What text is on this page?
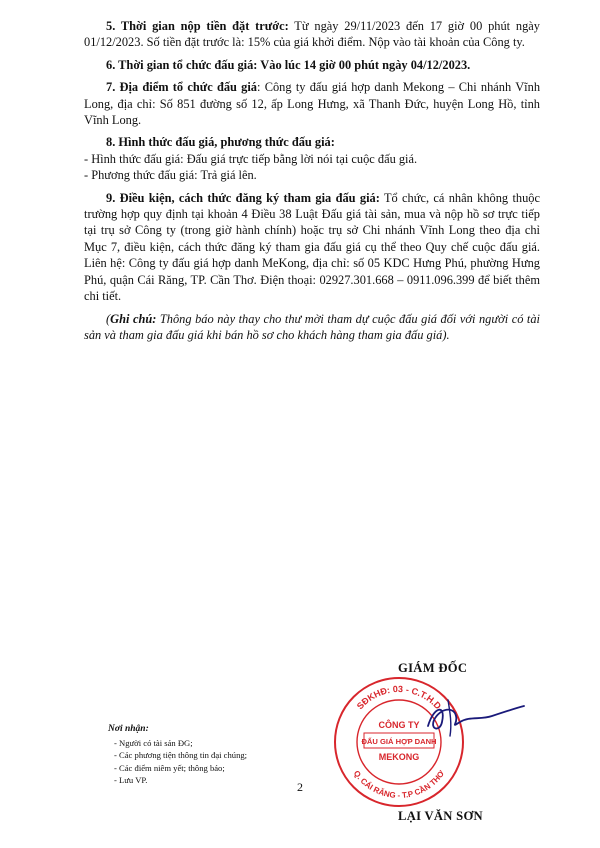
5. Thời gian nộp tiền đặt trước: Từ ngày 29/11/2023 đến 17 giờ 00 phút ngày 01/12/2023. Số tiền đặt trước là: 15% của giá khởi điểm. Nộp vào tài khoản của Công ty.

6. Thời gian tổ chức đấu giá: Vào lúc 14 giờ 00 phút ngày 04/12/2023.

7. Địa điểm tổ chức đấu giá: Công ty đấu giá hợp danh Mekong – Chi nhánh Vĩnh Long, địa chỉ: Số 851 đường số 12, ấp Long Hưng, xã Thanh Đức, huyện Long Hồ, tỉnh Vĩnh Long.

8. Hình thức đấu giá, phương thức đấu giá:

- Hình thức đấu giá: Đấu giá trực tiếp bằng lời nói tại cuộc đấu giá.

- Phương thức đấu giá: Trả giá lên.

9. Điều kiện, cách thức đăng ký tham gia đấu giá: Tổ chức, cá nhân không thuộc trường hợp quy định tại khoản 4 Điều 38 Luật Đấu giá tài sản, mua và nộp hồ sơ trực tiếp tại trụ sở Công ty (trong giờ hành chính) hoặc trụ sở Chi nhánh Vĩnh Long theo địa chỉ Mục 7, điều kiện, cách thức đăng ký tham gia đấu giá cụ thể theo Quy chế cuộc đấu giá. Liên hệ: Công ty đấu giá hợp danh MeKong, địa chỉ: số 05 KDC Hưng Phú, phường Hưng Phú, quận Cái Răng, TP. Cần Thơ. Điện thoại: 02927.301.668 – 0911.096.399 để biết thêm chi tiết.

(Ghi chú: Thông báo này thay cho thư mời tham dự cuộc đấu giá đối với người có tài sản và tham gia đấu giá khi bán hồ sơ cho khách hàng tham gia đấu giá).

Nơi nhận:
- Người có tài sản ĐG;
- Các phương tiện thông tin đại chúng;
- Các điểm niêm yết; thông báo;
- Lưu VP.
GIÁM ĐỐC
SĐKHĐ: 03 - C.T.H.D
Q. CÁI RĂNG - T.P CẦN THƠ
CÔNG TY
ĐẤU GIÁ HỢP DANH
MEKONG
LẠI VĂN SƠN
2
